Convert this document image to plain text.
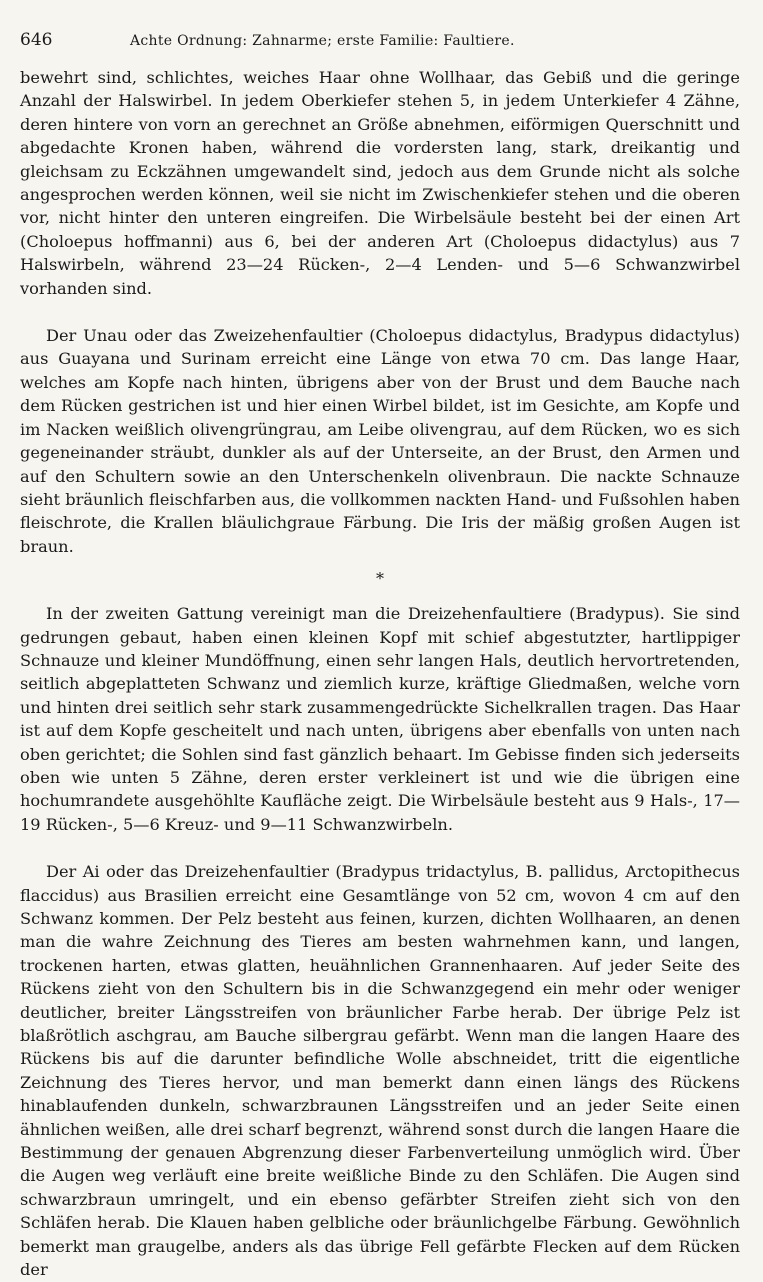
646	Achte Ordnung: Zahnarme; erste Familie: Faultiere.

bewehrt sind, schlichtes, weiches Haar ohne Wollhaar, das Gebiß und die geringe Anzahl der Halswirbel. In jedem Oberkiefer stehen 5, in jedem Unterkiefer 4 Zähne, deren hintere von vorn an gerechnet an Größe abnehmen, eiförmigen Querschnitt und abgedachte Kronen haben, während die vordersten lang, stark, dreikantig und gleichsam zu Eckzähnen umgewandelt sind, jedoch aus dem Grunde nicht als solche angesprochen werden können, weil sie nicht im Zwischenkiefer stehen und die oberen vor, nicht hinter den unteren eingreifen. Die Wirbelsäule besteht bei der einen Art (Choloepus hoffmanni) aus 6, bei der anderen Art (Choloepus didactylus) aus 7 Halswirbeln, während 23—24 Rücken-, 2—4 Lenden- und 5—6 Schwanzwirbel vorhanden sind.

Der Unau oder das Zweizehenfaultier (Choloepus didactylus, Bradypus didactylus) aus Guayana und Surinam erreicht eine Länge von etwa 70 cm. Das lange Haar, welches am Kopfe nach hinten, übrigens aber von der Brust und dem Bauche nach dem Rücken gestrichen ist und hier einen Wirbel bildet, ist im Gesichte, am Kopfe und im Nacken weißlich olivengrüngrau, am Leibe olivengrau, auf dem Rücken, wo es sich gegeneinander sträubt, dunkler als auf der Unterseite, an der Brust, den Armen und auf den Schultern sowie an den Unterschenkeln olivenbraun. Die nackte Schnauze sieht bräunlich fleischfarben aus, die vollkommen nackten Hand- und Fußsohlen haben fleischrote, die Krallen bläulichgraue Färbung. Die Iris der mäßig großen Augen ist braun.

*

In der zweiten Gattung vereinigt man die Dreizehenfaultiere (Bradypus). Sie sind gedrungen gebaut, haben einen kleinen Kopf mit schief abgestutzter, hartlippiger Schnauze und kleiner Mundöffnung, einen sehr langen Hals, deutlich hervortretenden, seitlich abgeplatteten Schwanz und ziemlich kurze, kräftige Gliedmaßen, welche vorn und hinten drei seitlich sehr stark zusammengedrückte Sichelkrallen tragen. Das Haar ist auf dem Kopfe gescheitelt und nach unten, übrigens aber ebenfalls von unten nach oben gerichtet; die Sohlen sind fast gänzlich behaart. Im Gebisse finden sich jederseits oben wie unten 5 Zähne, deren erster verkleinert ist und wie die übrigen eine hochumrandete ausgehöhlte Kaufläche zeigt. Die Wirbelsäule besteht aus 9 Hals-, 17—19 Rücken-, 5—6 Kreuz- und 9—11 Schwanzwirbeln.

Der Ai oder das Dreizehenfaultier (Bradypus tridactylus, B. pallidus, Arctopithecus flaccidus) aus Brasilien erreicht eine Gesamtlänge von 52 cm, wovon 4 cm auf den Schwanz kommen. Der Pelz besteht aus feinen, kurzen, dichten Wollhaaren, an denen man die wahre Zeichnung des Tieres am besten wahrnehmen kann, und langen, trockenen harten, etwas glatten, heuähnlichen Grannenhaaren. Auf jeder Seite des Rückens zieht von den Schultern bis in die Schwanzgegend ein mehr oder weniger deutlicher, breiter Längsstreifen von bräunlicher Farbe herab. Der übrige Pelz ist blaßrötlich aschgrau, am Bauche silbergrau gefärbt. Wenn man die langen Haare des Rückens bis auf die darunter befindliche Wolle abschneidet, tritt die eigentliche Zeichnung des Tieres hervor, und man bemerkt dann einen längs des Rückens hinablaufenden dunkeln, schwarzbraunen Längsstreifen und an jeder Seite einen ähnlichen weißen, alle drei scharf begrenzt, während sonst durch die langen Haare die Bestimmung der genauen Abgrenzung dieser Farbenverteilung unmöglich wird. Über die Augen weg verläuft eine breite weißliche Binde zu den Schläfen. Die Augen sind schwarzbraun umringelt, und ein ebenso gefärbter Streifen zieht sich von den Schläfen herab. Die Klauen haben gelbliche oder bräunlichgelbe Färbung. Gewöhnlich bemerkt man graugelbe, anders als das übrige Fell gefärbte Flecken auf dem Rücken der
